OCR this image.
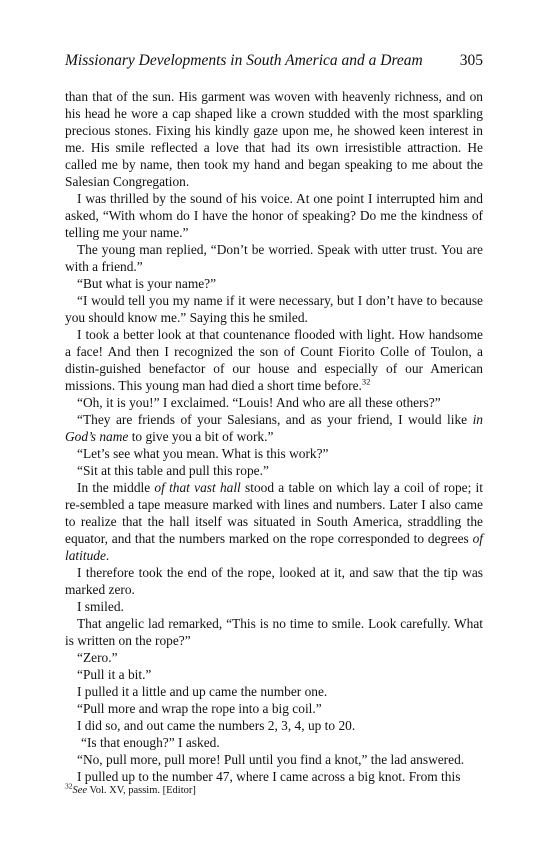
Missionary Developments in South America and a Dream 305

than that of the sun. His garment was woven with heavenly richness, and on his head he wore a cap shaped like a crown studded with the most sparkling precious stones. Fixing his kindly gaze upon me, he showed keen interest in me. His smile reflected a love that had its own irresistible attraction. He called me by name, then took my hand and began speaking to me about the Salesian Congregation.

I was thrilled by the sound of his voice. At one point I interrupted him and asked, “With whom do I have the honor of speaking? Do me the kindness of telling me your name.”

The young man replied, “Don’t be worried. Speak with utter trust. You are with a friend.”

“But what is your name?”

“I would tell you my name if it were necessary, but I don’t have to because you should know me.” Saying this he smiled.

I took a better look at that countenance flooded with light. How handsome a face! And then I recognized the son of Count Fiorito Colle of Toulon, a distin-guished benefactor of our house and especially of our American missions. This young man had died a short time before.$^{32}$

“Oh, it is you!” I exclaimed. “Louis! And who are all these others?”

“They are friends of your Salesians, and as your friend, I would like in God’s name to give you a bit of work.”

“Let’s see what you mean. What is this work?”

“Sit at this table and pull this rope.”

In the middle of that vast hall stood a table on which lay a coil of rope; it re-sembled a tape measure marked with lines and numbers. Later I also came to realize that the hall itself was situated in South America, straddling the equator, and that the numbers marked on the rope corresponded to degrees of latitude.

I therefore took the end of the rope, looked at it, and saw that the tip was marked zero.

I smiled.

That angelic lad remarked, “This is no time to smile. Look carefully. What is written on the rope?”

“Zero.”

“Pull it a bit.”

I pulled it a little and up came the number one.

“Pull more and wrap the rope into a big coil.”

I did so, and out came the numbers 2, 3, 4, up to 20.

“Is that enough?” I asked.

“No, pull more, pull more! Pull until you find a knot,” the lad answered.

I pulled up to the number 47, where I came across a big knot. From this

$^{32}$See Vol. XV, passim. [Editor]
